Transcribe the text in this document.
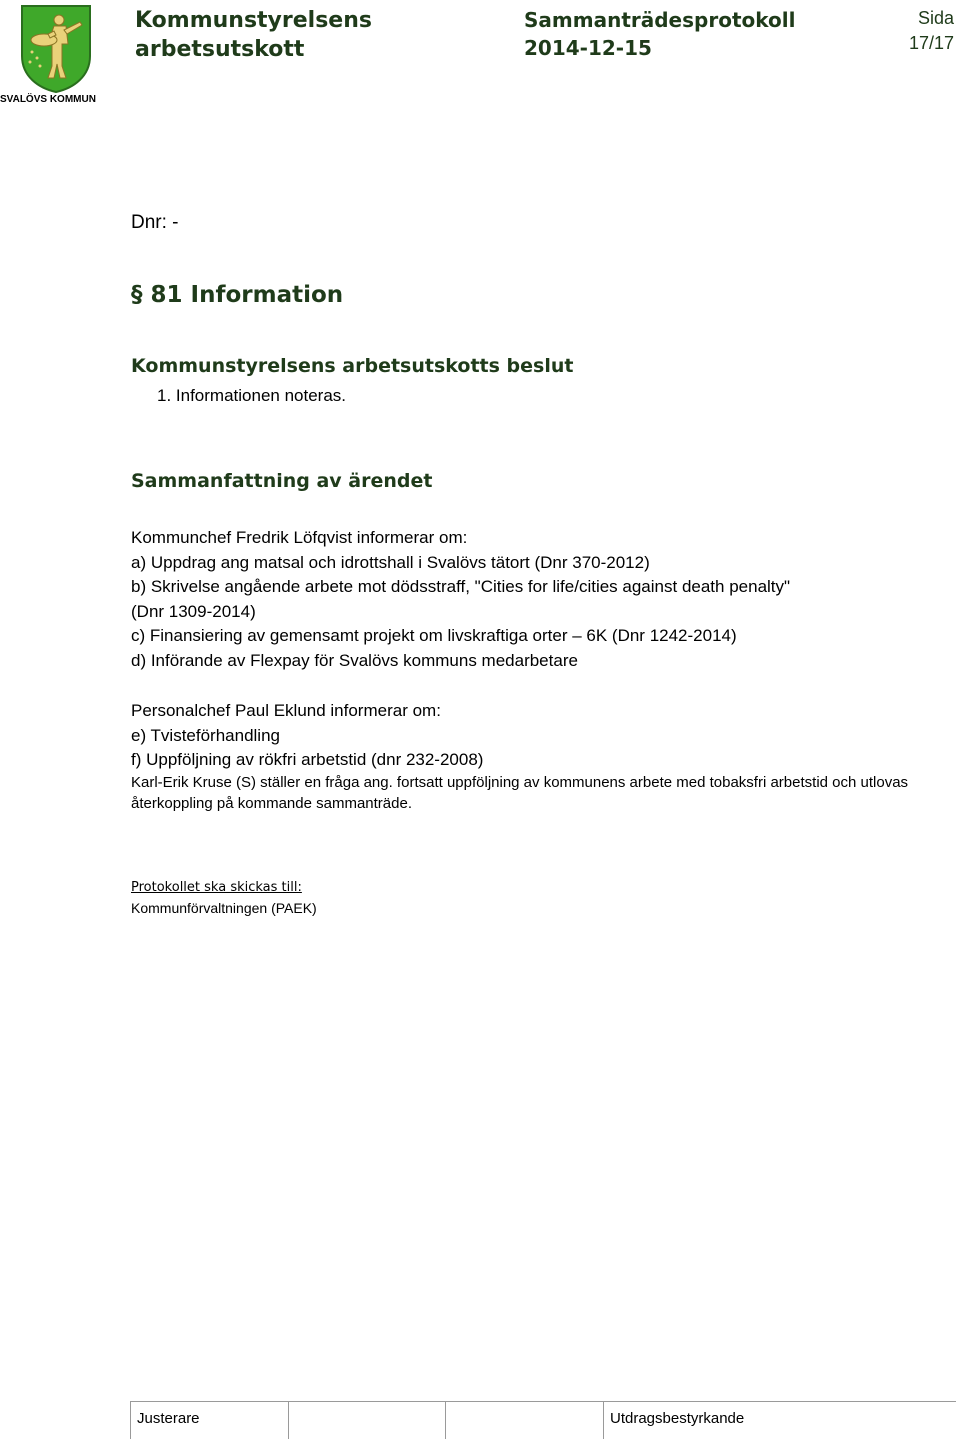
SVALÖVS KOMMUN
Kommunstyrelsens
arbetsutskott
Sammanträdesprotokoll
2014-12-15
Sida
17/17
Dnr: -
§ 81 Information
Kommunstyrelsens arbetsutskotts beslut
1. Informationen noteras.
Sammanfattning av ärendet
Kommunchef Fredrik Löfqvist informerar om:
a) Uppdrag ang matsal och idrottshall i Svalövs tätort (Dnr 370-2012)
b) Skrivelse angående arbete mot dödsstraff, "Cities for life/cities against death penalty"
(Dnr 1309-2014)
c) Finansiering av gemensamt projekt om livskraftiga orter – 6K (Dnr 1242-2014)
d) Införande av Flexpay för Svalövs kommuns medarbetare
Personalchef Paul Eklund informerar om:
e) Tvisteförhandling
f) Uppföljning av rökfri arbetstid (dnr 232-2008)
Karl-Erik Kruse (S) ställer en fråga ang. fortsatt uppföljning av kommunens arbete med tobaksfri arbetstid och utlovas återkoppling på kommande sammanträde.
Protokollet ska skickas till:
Kommunförvaltningen (PAEK)
Justerare	Utdragsbestyrkande
